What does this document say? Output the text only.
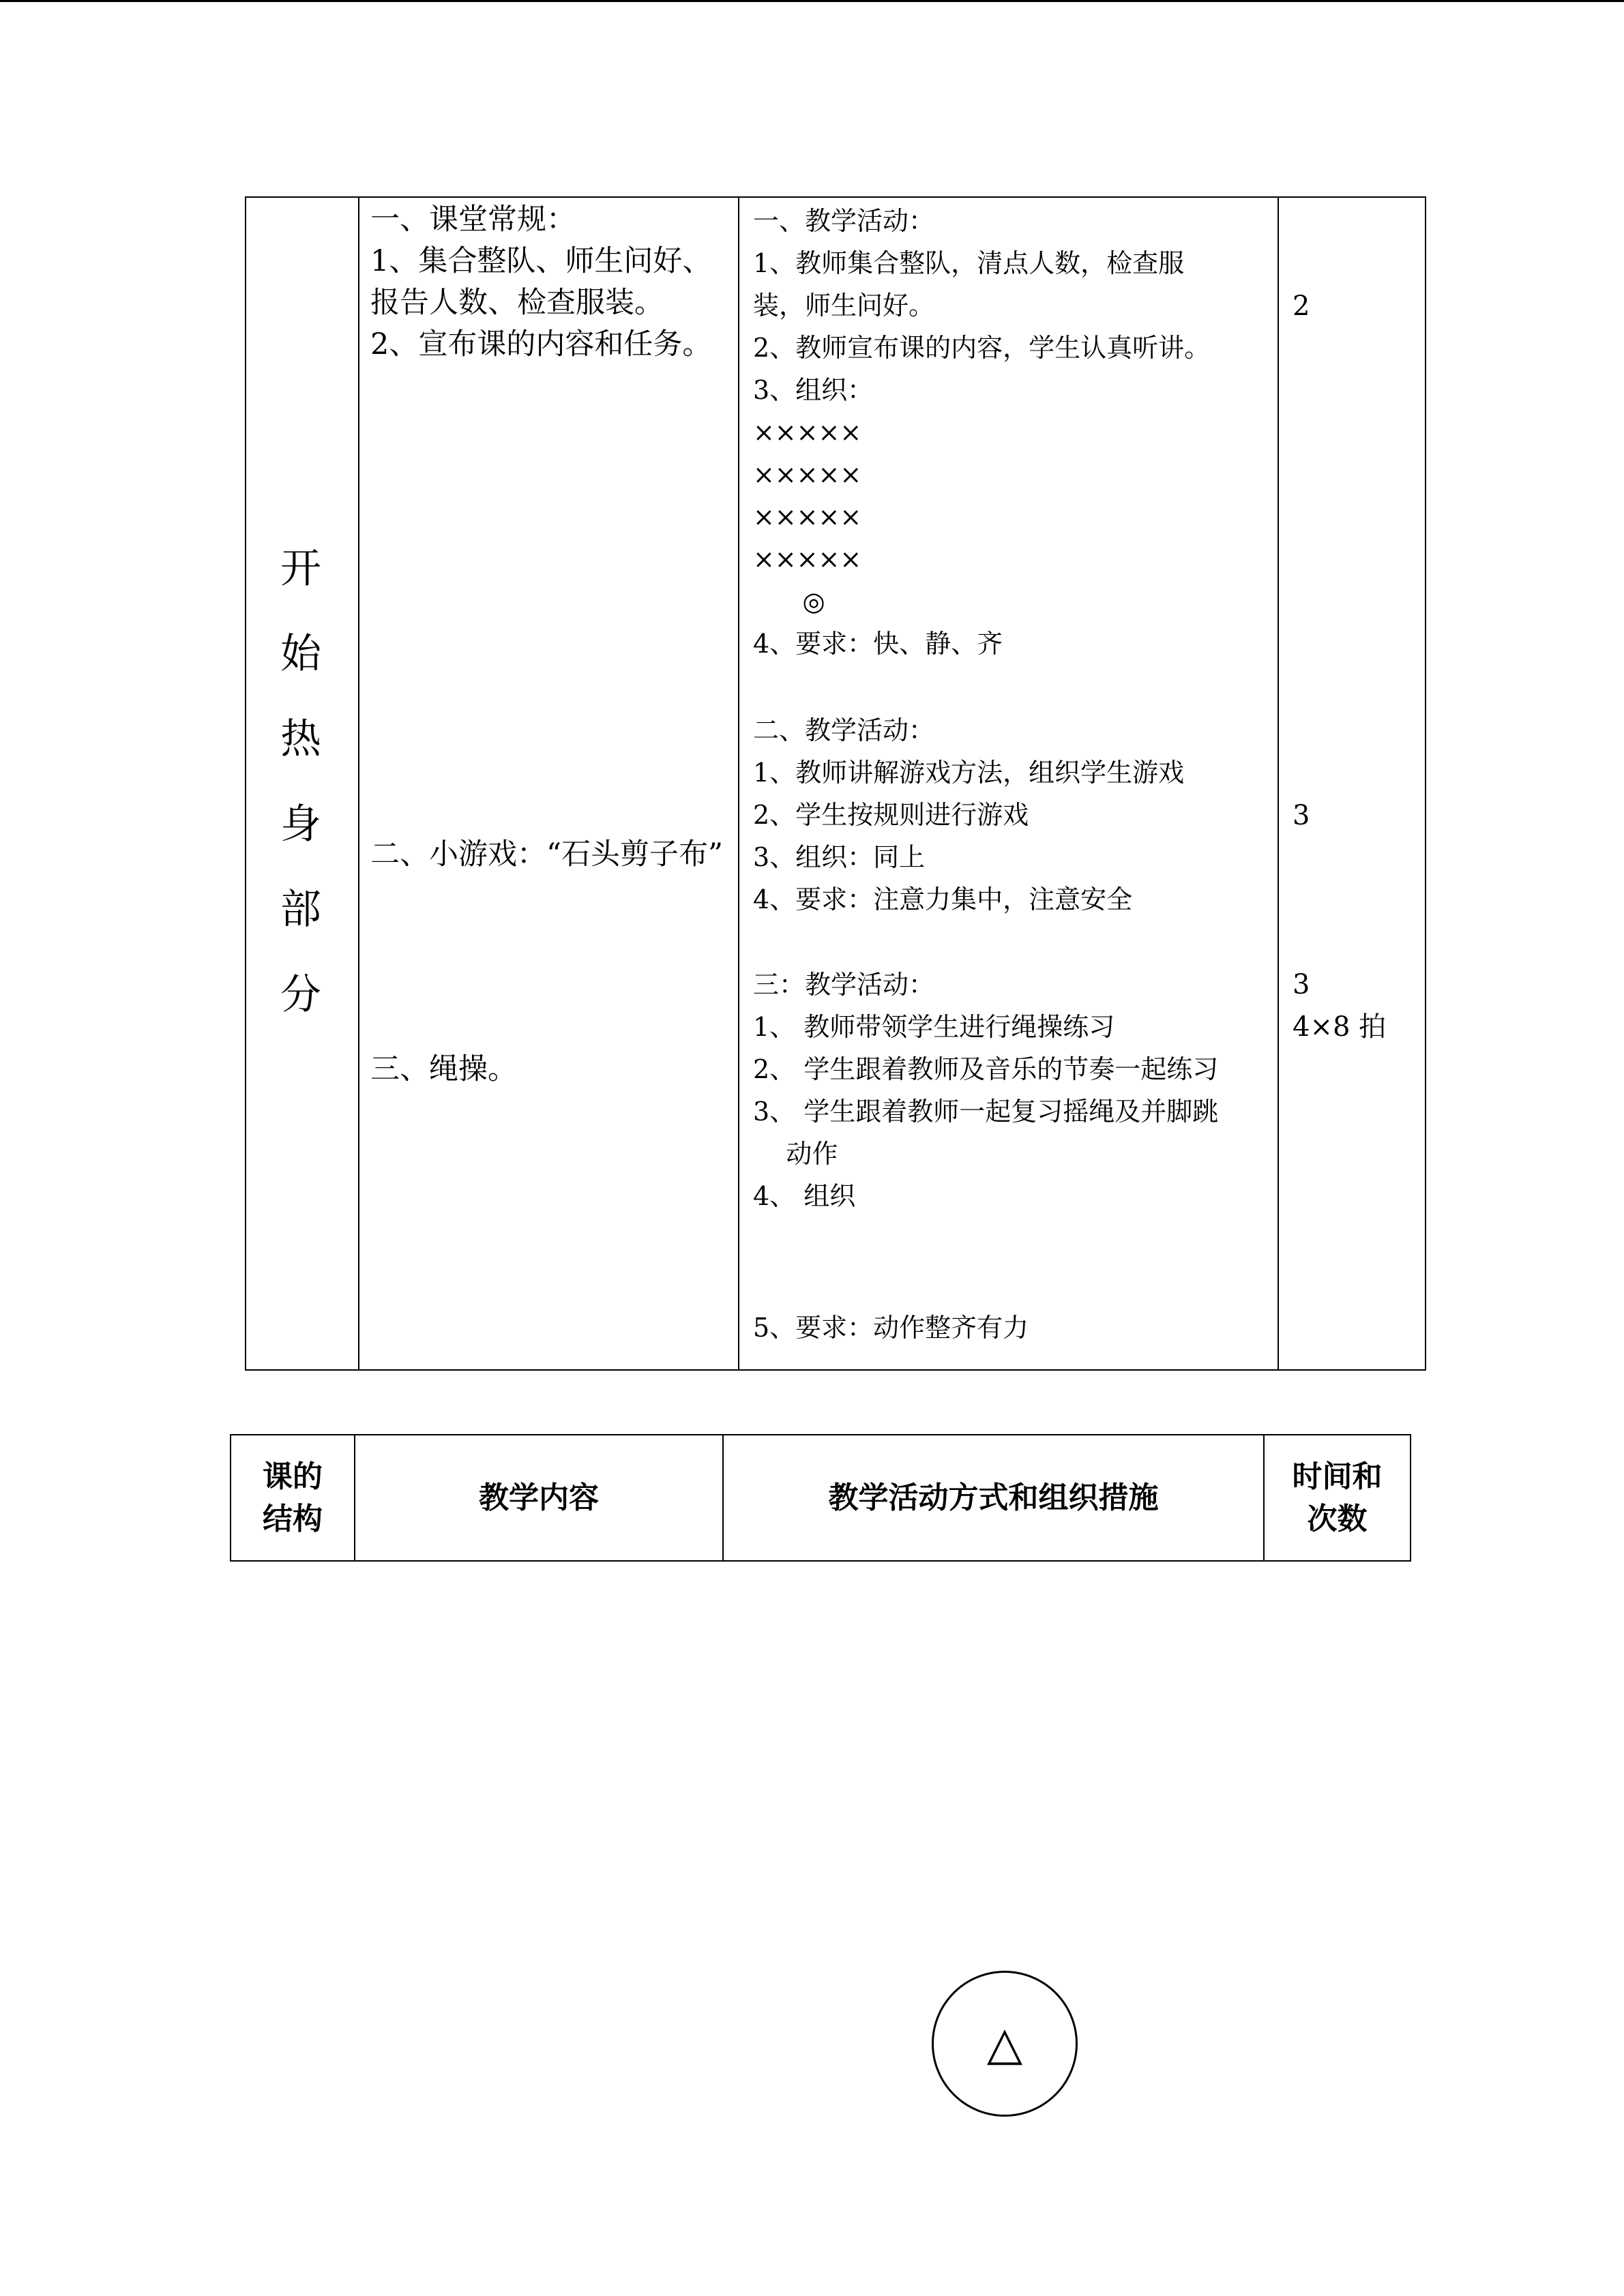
开
始
热
身
部
分
一、课堂常规：
1、集合整队、师生问好、报告人数、检查服装。
2、宣布课的内容和任务。
二、小游戏：“石头剪子布”
三、绳操。
一、教学活动：
1、教师集合整队，清点人数，检查服
装，师生问好。
2、教师宣布课的内容，学生认真听讲。
3、组织：
×××××
×××××
×××××
×××××
◎
4、要求：快、静、齐
二、教学活动：
1、教师讲解游戏方法，组织学生游戏
2、学生按规则进行游戏
3、组织：同上
4、要求：注意力集中，注意安全
三：教学活动：
1、 教师带领学生进行绳操练习
2、 学生跟着教师及音乐的节奏一起练习
3、 学生跟着教师一起复习摇绳及并脚跳
动作
4、 组织
5、要求：动作整齐有力
2
3
3
4×8 拍
课的
结构
教学内容	教学活动方式和组织措施
时间和
次数
△
